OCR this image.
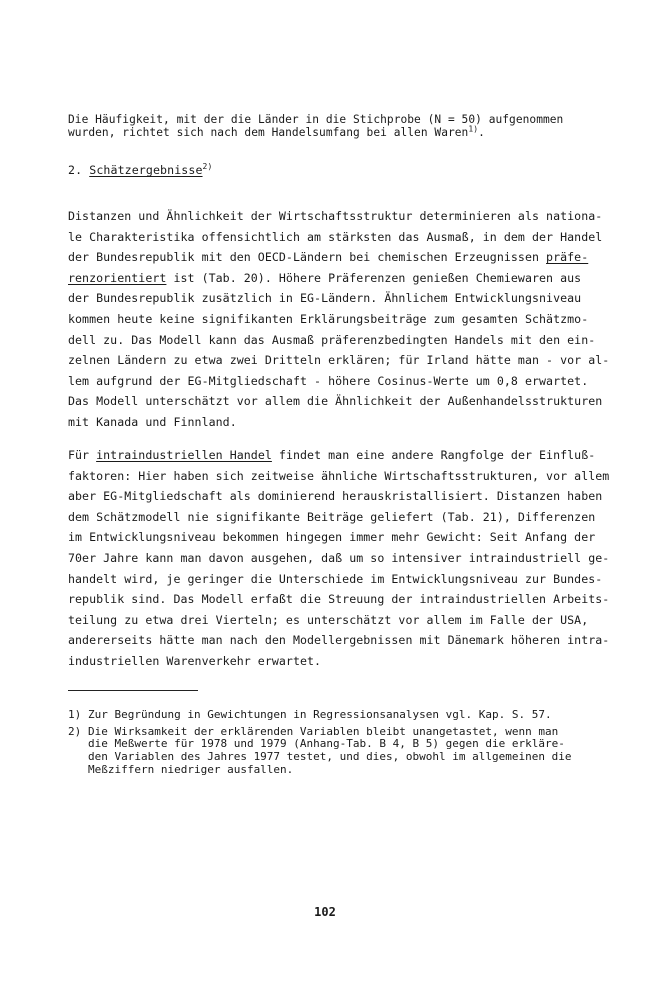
Die Häufigkeit, mit der die Länder in die Stichprobe (N = 50) aufgenommen
wurden, richtet sich nach dem Handelsumfang bei allen Waren$^{1)}$.
2. Schätzergebnisse$^{2)}$
Distanzen und Ähnlichkeit der Wirtschaftsstruktur determinieren als nationa-
le Charakteristika offensichtlich am stärksten das Ausmaß, in dem der Handel
der Bundesrepublik mit den OECD-Ländern bei chemischen Erzeugnissen präfe-
renzorientiert ist (Tab. 20). Höhere Präferenzen genießen Chemiewaren aus
der Bundesrepublik zusätzlich in EG-Ländern. Ähnlichem Entwicklungsniveau
kommen heute keine signifikanten Erklärungsbeiträge zum gesamten Schätzmo-
dell zu. Das Modell kann das Ausmaß präferenzbedingten Handels mit den ein-
zelnen Ländern zu etwa zwei Dritteln erklären; für Irland hätte man - vor al-
lem aufgrund der EG-Mitgliedschaft - höhere Cosinus-Werte um 0,8 erwartet.
Das Modell unterschätzt vor allem die Ähnlichkeit der Außenhandelsstrukturen
mit Kanada und Finnland.
Für intraindustriellen Handel findet man eine andere Rangfolge der Einfluß-
faktoren: Hier haben sich zeitweise ähnliche Wirtschaftsstrukturen, vor allem
aber EG-Mitgliedschaft als dominierend herauskristallisiert. Distanzen haben
dem Schätzmodell nie signifikante Beiträge geliefert (Tab. 21), Differenzen
im Entwicklungsniveau bekommen hingegen immer mehr Gewicht: Seit Anfang der
70er Jahre kann man davon ausgehen, daß um so intensiver intraindustriell ge-
handelt wird, je geringer die Unterschiede im Entwicklungsniveau zur Bundes-
republik sind. Das Modell erfaßt die Streuung der intraindustriellen Arbeits-
teilung zu etwa drei Vierteln; es unterschätzt vor allem im Falle der USA,
andererseits hätte man nach den Modellergebnissen mit Dänemark höheren intra-
industriellen Warenverkehr erwartet.
1) Zur Begründung in Gewichtungen in Regressionsanalysen vgl. Kap. S. 57.
2) Die Wirksamkeit der erklärenden Variablen bleibt unangetastet, wenn man
die Meßwerte für 1978 und 1979 (Anhang-Tab. B 4, B 5) gegen die erkläre-
den Variablen des Jahres 1977 testet, und dies, obwohl im allgemeinen die
Meßziffern niedriger ausfallen.
102
